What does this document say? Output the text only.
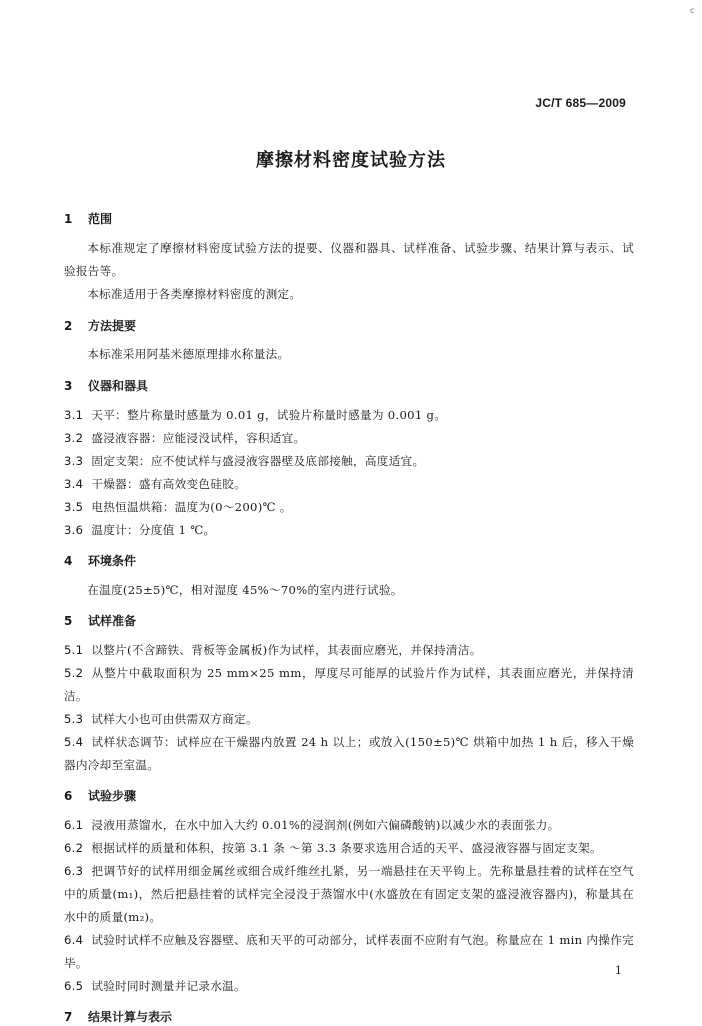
c
JC/T 685—2009
摩擦材料密度试验方法
1 范围
本标准规定了摩擦材料密度试验方法的提要、仪器和器具、试样准备、试验步骤、结果计算与表示、试验报告等。
本标准适用于各类摩擦材料密度的测定。
2 方法提要
本标准采用阿基米德原理排水称量法。
3 仪器和器具
3.1 天平：整片称量时感量为 0.01 g，试验片称量时感量为 0.001 g。
3.2 盛浸液容器：应能浸没试样，容积适宜。
3.3 固定支架：应不使试样与盛浸液容器壁及底部接触，高度适宜。
3.4 干燥器：盛有高效变色硅胶。
3.5 电热恒温烘箱：温度为(0～200)℃ 。
3.6 温度计：分度值 1 ℃。
4 环境条件
在温度(25±5)℃，相对湿度 45%～70%的室内进行试验。
5 试样准备
5.1 以整片(不含蹄铁、背板等金属板)作为试样，其表面应磨光，并保持清洁。
5.2 从整片中截取面积为 25 mm×25 mm，厚度尽可能厚的试验片作为试样，其表面应磨光，并保持清洁。
5.3 试样大小也可由供需双方商定。
5.4 试样状态调节：试样应在干燥器内放置 24 h 以上；或放入(150±5)℃ 烘箱中加热 1 h 后，移入干燥器内冷却至室温。
6 试验步骤
6.1 浸液用蒸馏水，在水中加入大约 0.01%的浸润剂(例如六偏磷酸钠)以减少水的表面张力。
6.2 根据试样的质量和体积，按第 3.1 条 ～第 3.3 条要求选用合适的天平、盛浸液容器与固定支架。
6.3 把调节好的试样用细金属丝或细合成纤维丝扎紧，另一端悬挂在天平钩上。先称量悬挂着的试样在空气中的质量(m₁)，然后把悬挂着的试样完全浸没于蒸馏水中(水盛放在有固定支架的盛浸液容器内)，称量其在水中的质量(m₂)。
6.4 试验时试样不应触及容器壁、底和天平的可动部分，试样表面不应附有气泡。称量应在 1 min 内操作完毕。
6.5 试验时同时测量并记录水温。
7 结果计算与表示
1
